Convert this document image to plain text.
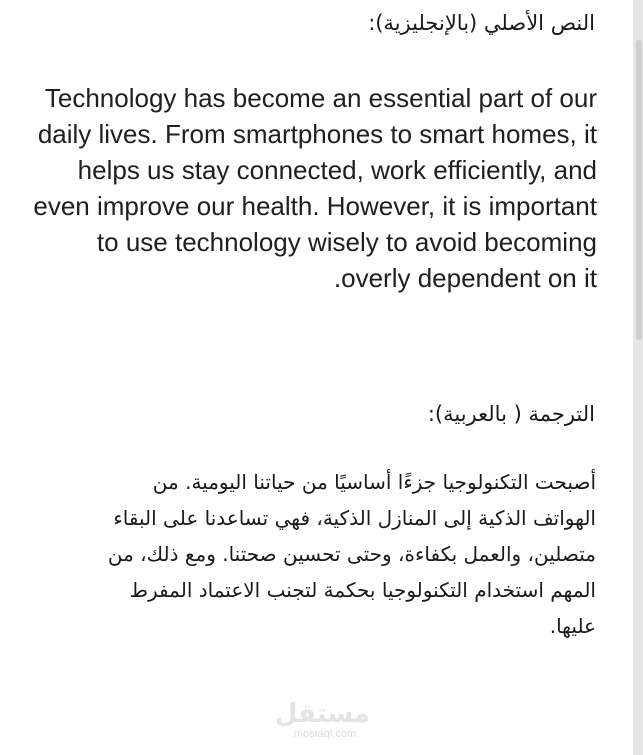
النص الأصلي (بالإنجليزية):
Technology has become an essential part of our
daily lives. From smartphones to smart homes, it
helps us stay connected, work efficiently, and
even improve our health. However, it is important
to use technology wisely to avoid becoming
overly dependent on it.
الترجمة ( بالعربية):
أصبحت التكنولوجيا جزءًا أساسيًا من حياتنا اليومية. من
الهواتف الذكية إلى المنازل الذكية، فهي تساعدنا على البقاء
متصلين، والعمل بكفاءة، وحتى تحسين صحتنا. ومع ذلك، من
المهم استخدام التكنولوجيا بحكمة لتجنب الاعتماد المفرط
عليها.
مستقل
mostaql.com
